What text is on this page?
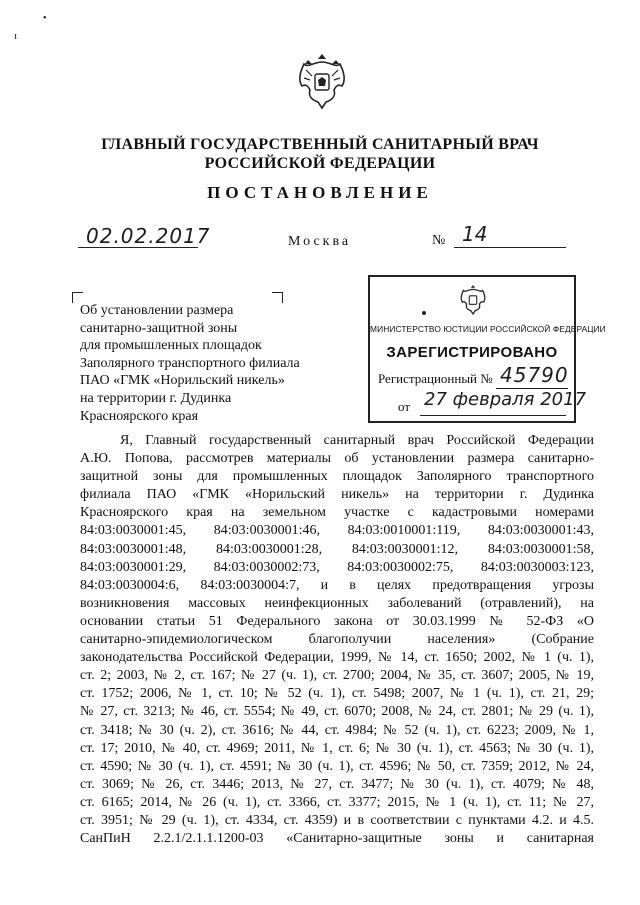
•
ɩ
ГЛАВНЫЙ ГОСУДАРСТВЕННЫЙ САНИТАРНЫЙ ВРАЧ
РОССИЙСКОЙ ФЕДЕРАЦИИ
ПОСТАНОВЛЕНИЕ
02.02.2017	Москва	№ 14
Об установлении размера
санитарно-защитной зоны
для промышленных площадок
Заполярного транспортного филиала
ПАО «ГМК «Норильский никель»
на территории г. Дудинка
Красноярского края
МИНИСТЕРСТВО ЮСТИЦИИ РОССИЙСКОЙ ФЕДЕРАЦИИ
ЗАРЕГИСТРИРОВАНО
Регистрационный № 45790
от 27 февраля 2017
Я, Главный государственный санитарный врач Российской Федерации
А.Ю. Попова, рассмотрев материалы об установлении размера санитарно-
защитной зоны для промышленных площадок Заполярного транспортного
филиала ПАО «ГМК «Норильский никель» на территории г. Дудинка
Красноярского края на земельном участке с кадастровыми номерами
84:03:0030001:45, 84:03:0030001:46, 84:03:0010001:119, 84:03:0030001:43,
84:03:0030001:48, 84:03:0030001:28, 84:03:0030001:12, 84:03:0030001:58,
84:03:0030001:29, 84:03:0030002:73, 84:03:0030002:75, 84:03:0030003:123,
84:03:0030004:6, 84:03:0030004:7, и в целях предотвращения угрозы
возникновения массовых неинфекционных заболеваний (отравлений), на
основании статьи 51 Федерального закона от 30.03.1999 № 52-ФЗ «О
санитарно-эпидемиологическом благополучии населения» (Собрание
законодательства Российской Федерации, 1999, № 14, ст. 1650; 2002, № 1 (ч. 1),
ст. 2; 2003, № 2, ст. 167; № 27 (ч. 1), ст. 2700; 2004, № 35, ст. 3607; 2005, № 19,
ст. 1752; 2006, № 1, ст. 10; № 52 (ч. 1), ст. 5498; 2007, № 1 (ч. 1), ст. 21, 29;
№ 27, ст. 3213; № 46, ст. 5554; № 49, ст. 6070; 2008, № 24, ст. 2801; № 29 (ч. 1),
ст. 3418; № 30 (ч. 2), ст. 3616; № 44, ст. 4984; № 52 (ч. 1), ст. 6223; 2009, № 1,
ст. 17; 2010, № 40, ст. 4969; 2011, № 1, ст. 6; № 30 (ч. 1), ст. 4563; № 30 (ч. 1),
ст. 4590; № 30 (ч. 1), ст. 4591; № 30 (ч. 1), ст. 4596; № 50, ст. 7359; 2012, № 24,
ст. 3069; № 26, ст. 3446; 2013, № 27, ст. 3477; № 30 (ч. 1), ст. 4079; № 48,
ст. 6165; 2014, № 26 (ч. 1), ст. 3366, ст. 3377; 2015, № 1 (ч. 1), ст. 11; № 27,
ст. 3951; № 29 (ч. 1), ст. 4334, ст. 4359) и в соответствии с пунктами 4.2. и 4.5.
СанПиН 2.2.1/2.1.1.1200-03 «Санитарно-защитные зоны и санитарная
